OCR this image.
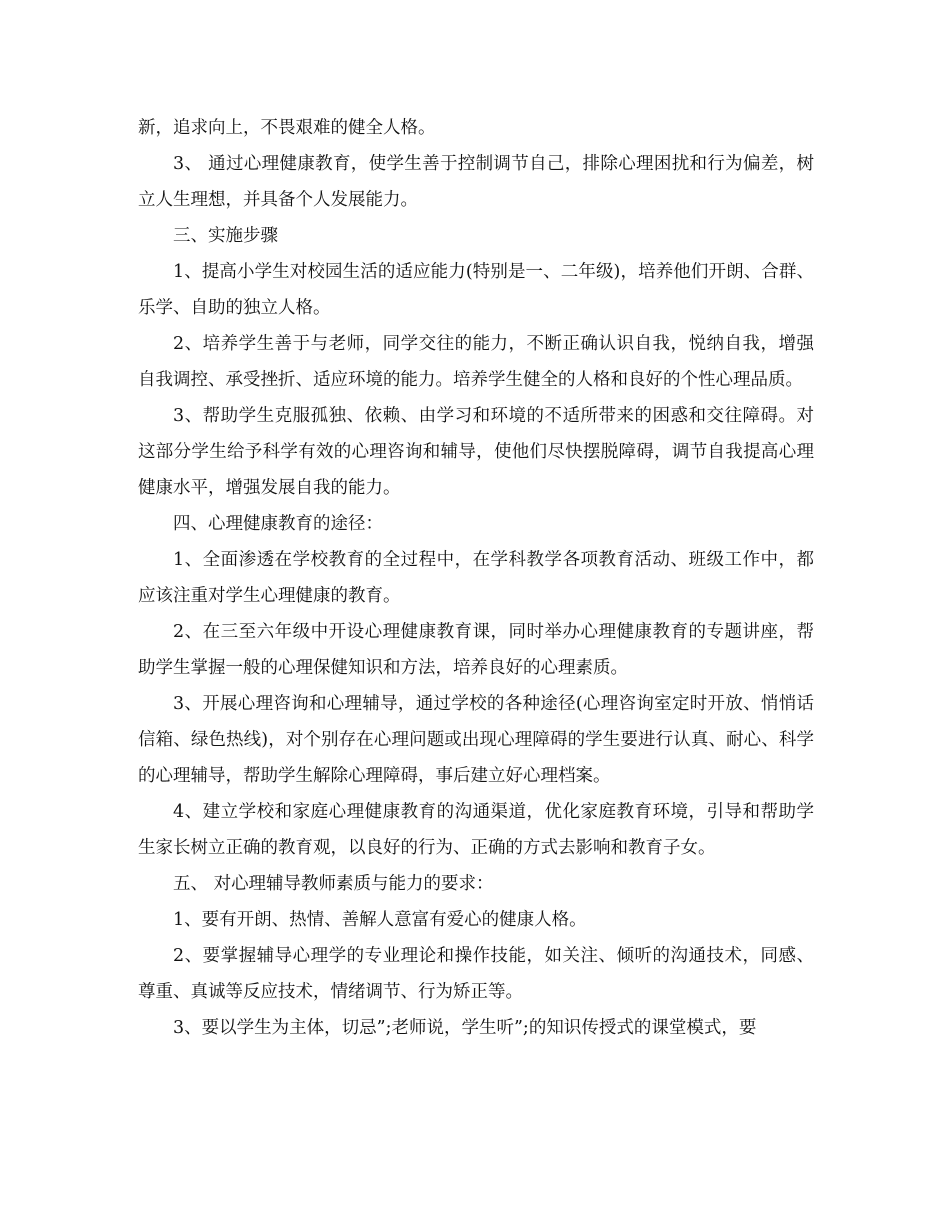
新，追求向上，不畏艰难的健全人格。

3、 通过心理健康教育，使学生善于控制调节自己，排除心理困扰和行为偏差，树立人生理想，并具备个人发展能力。

三、实施步骤

1、提高小学生对校园生活的适应能力(特别是一、二年级)，培养他们开朗、合群、乐学、自助的独立人格。

2、培养学生善于与老师，同学交往的能力，不断正确认识自我，悦纳自我，增强自我调控、承受挫折、适应环境的能力。培养学生健全的人格和良好的个性心理品质。

3、帮助学生克服孤独、依赖、由学习和环境的不适所带来的困惑和交往障碍。对这部分学生给予科学有效的心理咨询和辅导，使他们尽快摆脱障碍，调节自我提高心理健康水平，增强发展自我的能力。

四、心理健康教育的途径：

1、全面渗透在学校教育的全过程中，在学科教学各项教育活动、班级工作中，都应该注重对学生心理健康的教育。

2、在三至六年级中开设心理健康教育课，同时举办心理健康教育的专题讲座，帮助学生掌握一般的心理保健知识和方法，培养良好的心理素质。

3、开展心理咨询和心理辅导，通过学校的各种途径(心理咨询室定时开放、悄悄话信箱、绿色热线)，对个别存在心理问题或出现心理障碍的学生要进行认真、耐心、科学的心理辅导，帮助学生解除心理障碍，事后建立好心理档案。

4、建立学校和家庭心理健康教育的沟通渠道，优化家庭教育环境，引导和帮助学生家长树立正确的教育观，以良好的行为、正确的方式去影响和教育子女。

五、 对心理辅导教师素质与能力的要求：

1、要有开朗、热情、善解人意富有爱心的健康人格。

2、要掌握辅导心理学的专业理论和操作技能，如关注、倾听的沟通技术，同感、尊重、真诚等反应技术，情绪调节、行为矫正等。

3、要以学生为主体，切忌”;老师说，学生听”;的知识传授式的课堂模式，要
